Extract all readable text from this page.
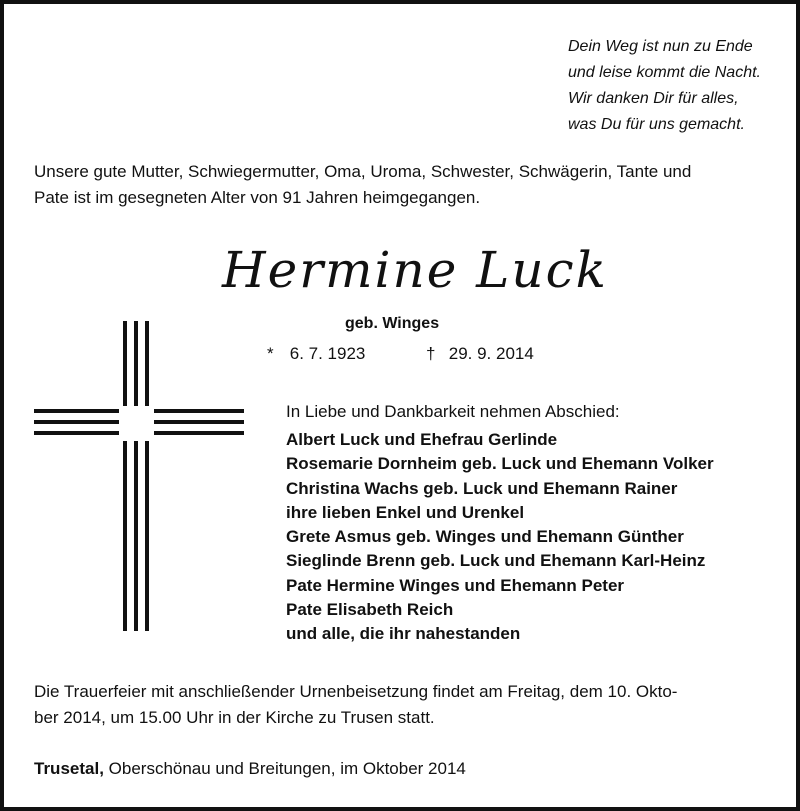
Dein Weg ist nun zu Ende
und leise kommt die Nacht.
Wir danken Dir für alles,
was Du für uns gemacht.
Unsere gute Mutter, Schwiegermutter, Oma, Uroma, Schwester, Schwägerin, Tante und
Pate ist im gesegneten Alter von 91 Jahren heimgegangen.
Hermine Luck
geb. Winges
* 6. 7. 1923	† 29. 9. 2014
In Liebe und Dankbarkeit nehmen Abschied:
Albert Luck und Ehefrau Gerlinde
Rosemarie Dornheim geb. Luck und Ehemann Volker
Christina Wachs geb. Luck und Ehemann Rainer
ihre lieben Enkel und Urenkel
Grete Asmus geb. Winges und Ehemann Günther
Sieglinde Brenn geb. Luck und Ehemann Karl-Heinz
Pate Hermine Winges und Ehemann Peter
Pate Elisabeth Reich
und alle, die ihr nahestanden
Die Trauerfeier mit anschließender Urnenbeisetzung findet am Freitag, dem 10. Okto-
ber 2014, um 15.00 Uhr in der Kirche zu Trusen statt.
Trusetal, Oberschönau und Breitungen, im Oktober 2014
